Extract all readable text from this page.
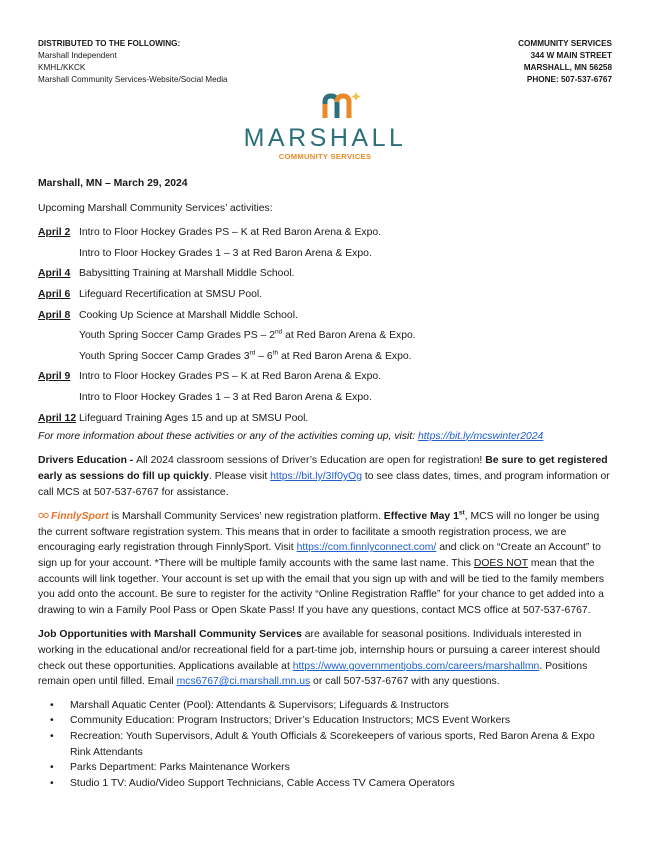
DISTRIBUTED TO THE FOLLOWING:
Marshall Independent
KMHL/KKCK
Marshall Community Services-Website/Social Media
COMMUNITY SERVICES
344 W MAIN STREET
MARSHALL, MN 56258
PHONE: 507-537-6767
MARSHALL
COMMUNITY SERVICES

Marshall, MN – March 29, 2024

Upcoming Marshall Community Services’ activities:

April 2 Intro to Floor Hockey Grades PS – K at Red Baron Arena & Expo.
Intro to Floor Hockey Grades 1 – 3 at Red Baron Arena & Expo.
April 4 Babysitting Training at Marshall Middle School.
April 6 Lifeguard Recertification at SMSU Pool.
April 8 Cooking Up Science at Marshall Middle School.
Youth Spring Soccer Camp Grades PS – 2nd at Red Baron Arena & Expo.
Youth Spring Soccer Camp Grades 3rd – 6th at Red Baron Arena & Expo.
April 9 Intro to Floor Hockey Grades PS – K at Red Baron Arena & Expo.
Intro to Floor Hockey Grades 1 – 3 at Red Baron Arena & Expo.
April 12 Lifeguard Training Ages 15 and up at SMSU Pool.

For more information about these activities or any of the activities coming up, visit: https://bit.ly/mcswinter2024

Drivers Education - All 2024 classroom sessions of Driver’s Education are open for registration! Be sure to get registered early as sessions do fill up quickly. Please visit https://bit.ly/3If0yOg to see class dates, times, and program information or call MCS at 507-537-6767 for assistance.

FinnlySport is Marshall Community Services’ new registration platform. Effective May 1st, MCS will no longer be using the current software registration system. This means that in order to facilitate a smooth registration process, we are encouraging early registration through FinnlySport. Visit https://com.finnlyconnect.com/ and click on “Create an Account” to sign up for your account. *There will be multiple family accounts with the same last name. This DOES NOT mean that the accounts will link together. Your account is set up with the email that you sign up with and will be tied to the family members you add onto the account. Be sure to register for the activity “Online Registration Raffle” for your chance to get added into a drawing to win a Family Pool Pass or Open Skate Pass! If you have any questions, contact MCS office at 507-537-6767.

Job Opportunities with Marshall Community Services are available for seasonal positions. Individuals interested in working in the educational and/or recreational field for a part-time job, internship hours or pursuing a career interest should check out these opportunities. Applications available at https://www.governmentjobs.com/careers/marshallmn. Positions remain open until filled. Email mcs6767@ci.marshall.mn.us or call 507-537-6767 with any questions.

• Marshall Aquatic Center (Pool): Attendants & Supervisors; Lifeguards & Instructors
• Community Education: Program Instructors; Driver’s Education Instructors; MCS Event Workers
• Recreation: Youth Supervisors, Adult & Youth Officials & Scorekeepers of various sports, Red Baron Arena & Expo Rink Attendants
• Parks Department: Parks Maintenance Workers
• Studio 1 TV: Audio/Video Support Technicians, Cable Access TV Camera Operators
